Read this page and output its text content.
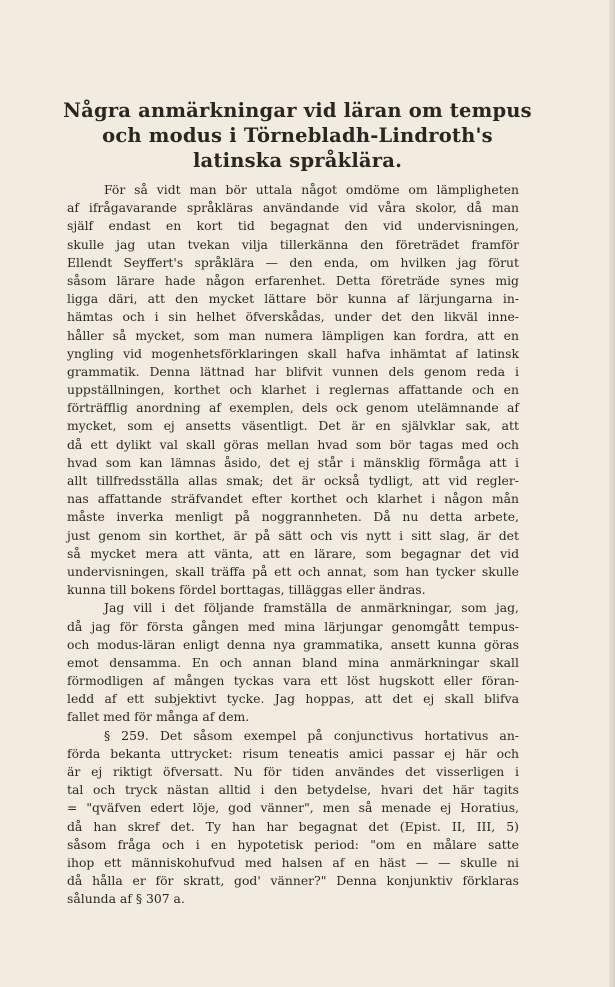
Några anmärkningar vid läran om tempus
och modus i Törnebladh-Lindroth's
latinska språklära.
För så vidt man bör uttala något omdöme om lämpligheten
af ifrågavarande språkläras användande vid våra skolor, då man
själf endast en kort tid begagnat den vid undervisningen,
skulle jag utan tvekan vilja tillerkänna den företrädet framför
Ellendt Seyffert's språklära — den enda, om hvilken jag förut
såsom lärare hade någon erfarenhet. Detta företräde synes mig
ligga däri, att den mycket lättare bör kunna af lärjungarna in-
hämtas och i sin helhet öfverskådas, under det den likväl inne-
håller så mycket, som man numera lämpligen kan fordra, att en
yngling vid mogenhetsförklaringen skall hafva inhämtat af latinsk
grammatik. Denna lättnad har blifvit vunnen dels genom reda i
uppställningen, korthet och klarhet i reglernas affattande och en
förträfflig anordning af exemplen, dels ock genom utelämnande af
mycket, som ej ansetts väsentligt. Det är en självklar sak, att
då ett dylikt val skall göras mellan hvad som bör tagas med och
hvad som kan lämnas åsido, det ej står i mänsklig förmåga att i
allt tillfredsställa allas smak; det är också tydligt, att vid regler-
nas affattande sträfvandet efter korthet och klarhet i någon mån
måste inverka menligt på noggrannheten. Då nu detta arbete,
just genom sin korthet, är på sätt och vis nytt i sitt slag, är det
så mycket mera att vänta, att en lärare, som begagnar det vid
undervisningen, skall träffa på ett och annat, som han tycker skulle
kunna till bokens fördel borttagas, tilläggas eller ändras.
Jag vill i det följande framställa de anmärkningar, som jag,
då jag för första gången med mina lärjungar genomgått tempus-
och modus-läran enligt denna nya grammatika, ansett kunna göras
emot densamma. En och annan bland mina anmärkningar skall
förmodligen af mången tyckas vara ett löst hugskott eller föran-
ledd af ett subjektivt tycke. Jag hoppas, att det ej skall blifva
fallet med för många af dem.
§ 259. Det såsom exempel på conjunctivus hortativus an-
förda bekanta uttrycket: risum teneatis amici passar ej här och
är ej riktigt öfversatt. Nu för tiden användes det visserligen i
tal och tryck nästan alltid i den betydelse, hvari det här tagits
= "qväfven edert löje, god vänner", men så menade ej Horatius,
då han skref det. Ty han har begagnat det (Epist. II, III, 5)
såsom fråga och i en hypotetisk period: "om en målare satte
ihop ett människohufvud med halsen af en häst — — skulle ni
då hålla er för skratt, god' vänner?" Denna konjunktiv förklaras
sålunda af § 307 a.
